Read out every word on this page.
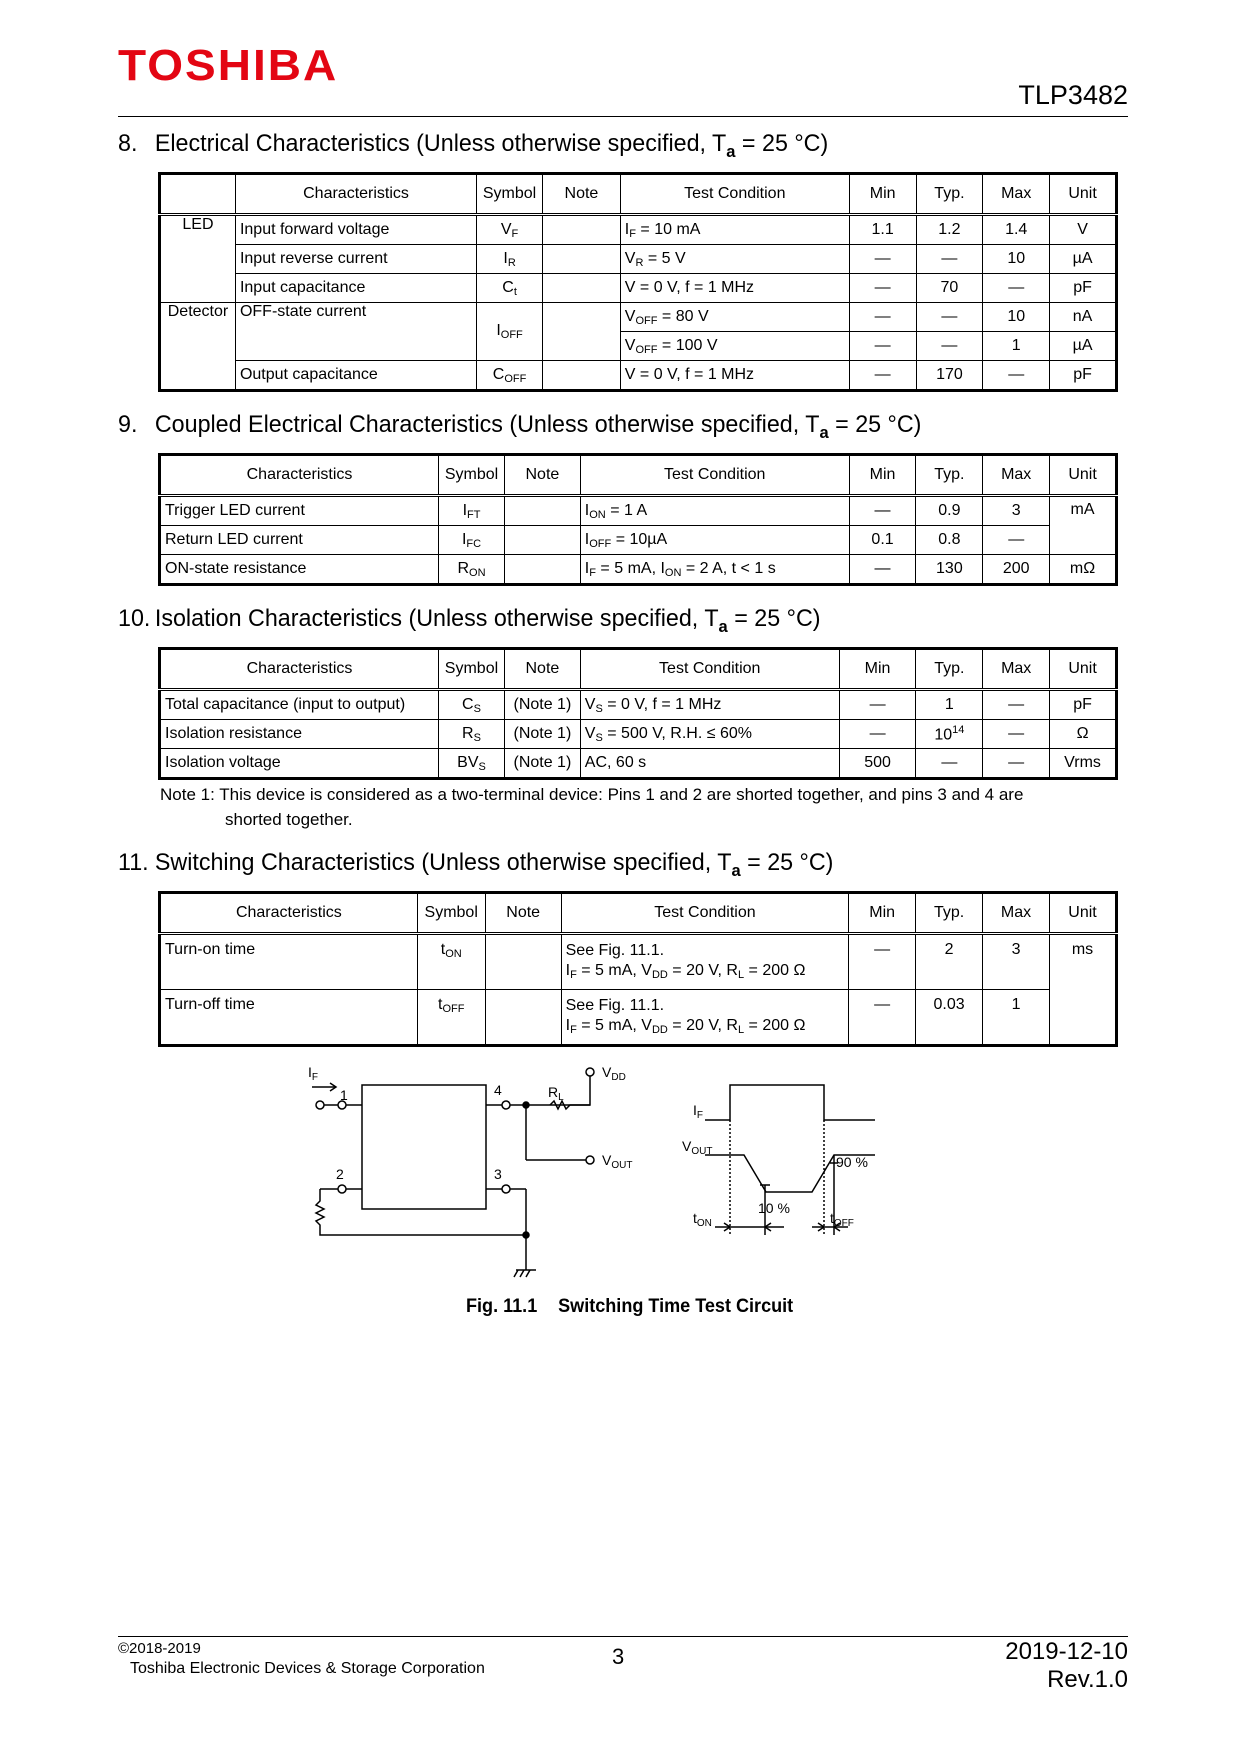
TOSHIBA
TLP3482
8. Electrical Characteristics (Unless otherwise specified, $T_a = 25$ °C)
	Characteristics	Symbol	Note	Test Condition	Min	Typ.	Max	Unit
LED	Input forward voltage	$V_F$		$I_F = 10$ mA	1.1	1.2	1.4	V
	Input reverse current	$I_R$		$V_R = 5$ V	—	—	10	µA
	Input capacitance	$C_t$		V = 0 V, f = 1 MHz	—	70	—	pF
Detector	OFF-state current	$I_{OFF}$		$V_{OFF} = 80$ V	—	—	10	nA
				$V_{OFF} = 100$ V	—	—	1	µA
	Output capacitance	$C_{OFF}$		V = 0 V, f = 1 MHz	—	170	—	pF
9. Coupled Electrical Characteristics (Unless otherwise specified, $T_a = 25$ °C)
Characteristics	Symbol	Note	Test Condition	Min	Typ.	Max	Unit
Trigger LED current	$I_{FT}$		$I_{ON} = 1$ A	—	0.9	3	mA
Return LED current	$I_{FC}$		$I_{OFF} = 10\mu A$	0.1	0.8	—	
ON-state resistance	$R_{ON}$		$I_F = 5$ mA, $I_{ON} = 2$ A, t < 1 s	—	130	200	mΩ
10. Isolation Characteristics (Unless otherwise specified, $T_a = 25$ °C)
Characteristics	Symbol	Note	Test Condition	Min	Typ.	Max	Unit
Total capacitance (input to output)	$C_S$	(Note 1)	$V_S = 0$ V, f = 1 MHz	—	1	—	pF
Isolation resistance	$R_S$	(Note 1)	$V_S = 500$ V, R.H. ≤ 60%	—	$10^{14}$	—	Ω
Isolation voltage	$BV_S$	(Note 1)	AC, 60 s	500	—	—	Vrms
Note 1: This device is considered as a two-terminal device: Pins 1 and 2 are shorted together, and pins 3 and 4 are
shorted together.
11. Switching Characteristics (Unless otherwise specified, $T_a = 25$ °C)
Characteristics	Symbol	Note	Test Condition	Min	Typ.	Max	Unit
Turn-on time	$t_{ON}$		See Fig. 11.1.
$I_F = 5$ mA, $V_{DD} = 20$ V, $R_L = 200$ Ω	—	2	3	ms
Turn-off time	$t_{OFF}$		See Fig. 11.1.
$I_F = 5$ mA, $V_{DD} = 20$ V, $R_L = 200$ Ω	—	0.03	1	
$I_F$
1
2	3
4	$R_L$
$V_{DD}$
$V_{OUT}$
$I_F$
$V_{OUT}$
10 %
90 %
$t_{ON}$	$t_{OFF}$
Fig. 11.1 Switching Time Test Circuit
©2018-2019
Toshiba Electronic Devices & Storage Corporation	3	2019-12-10
Rev.1.0
